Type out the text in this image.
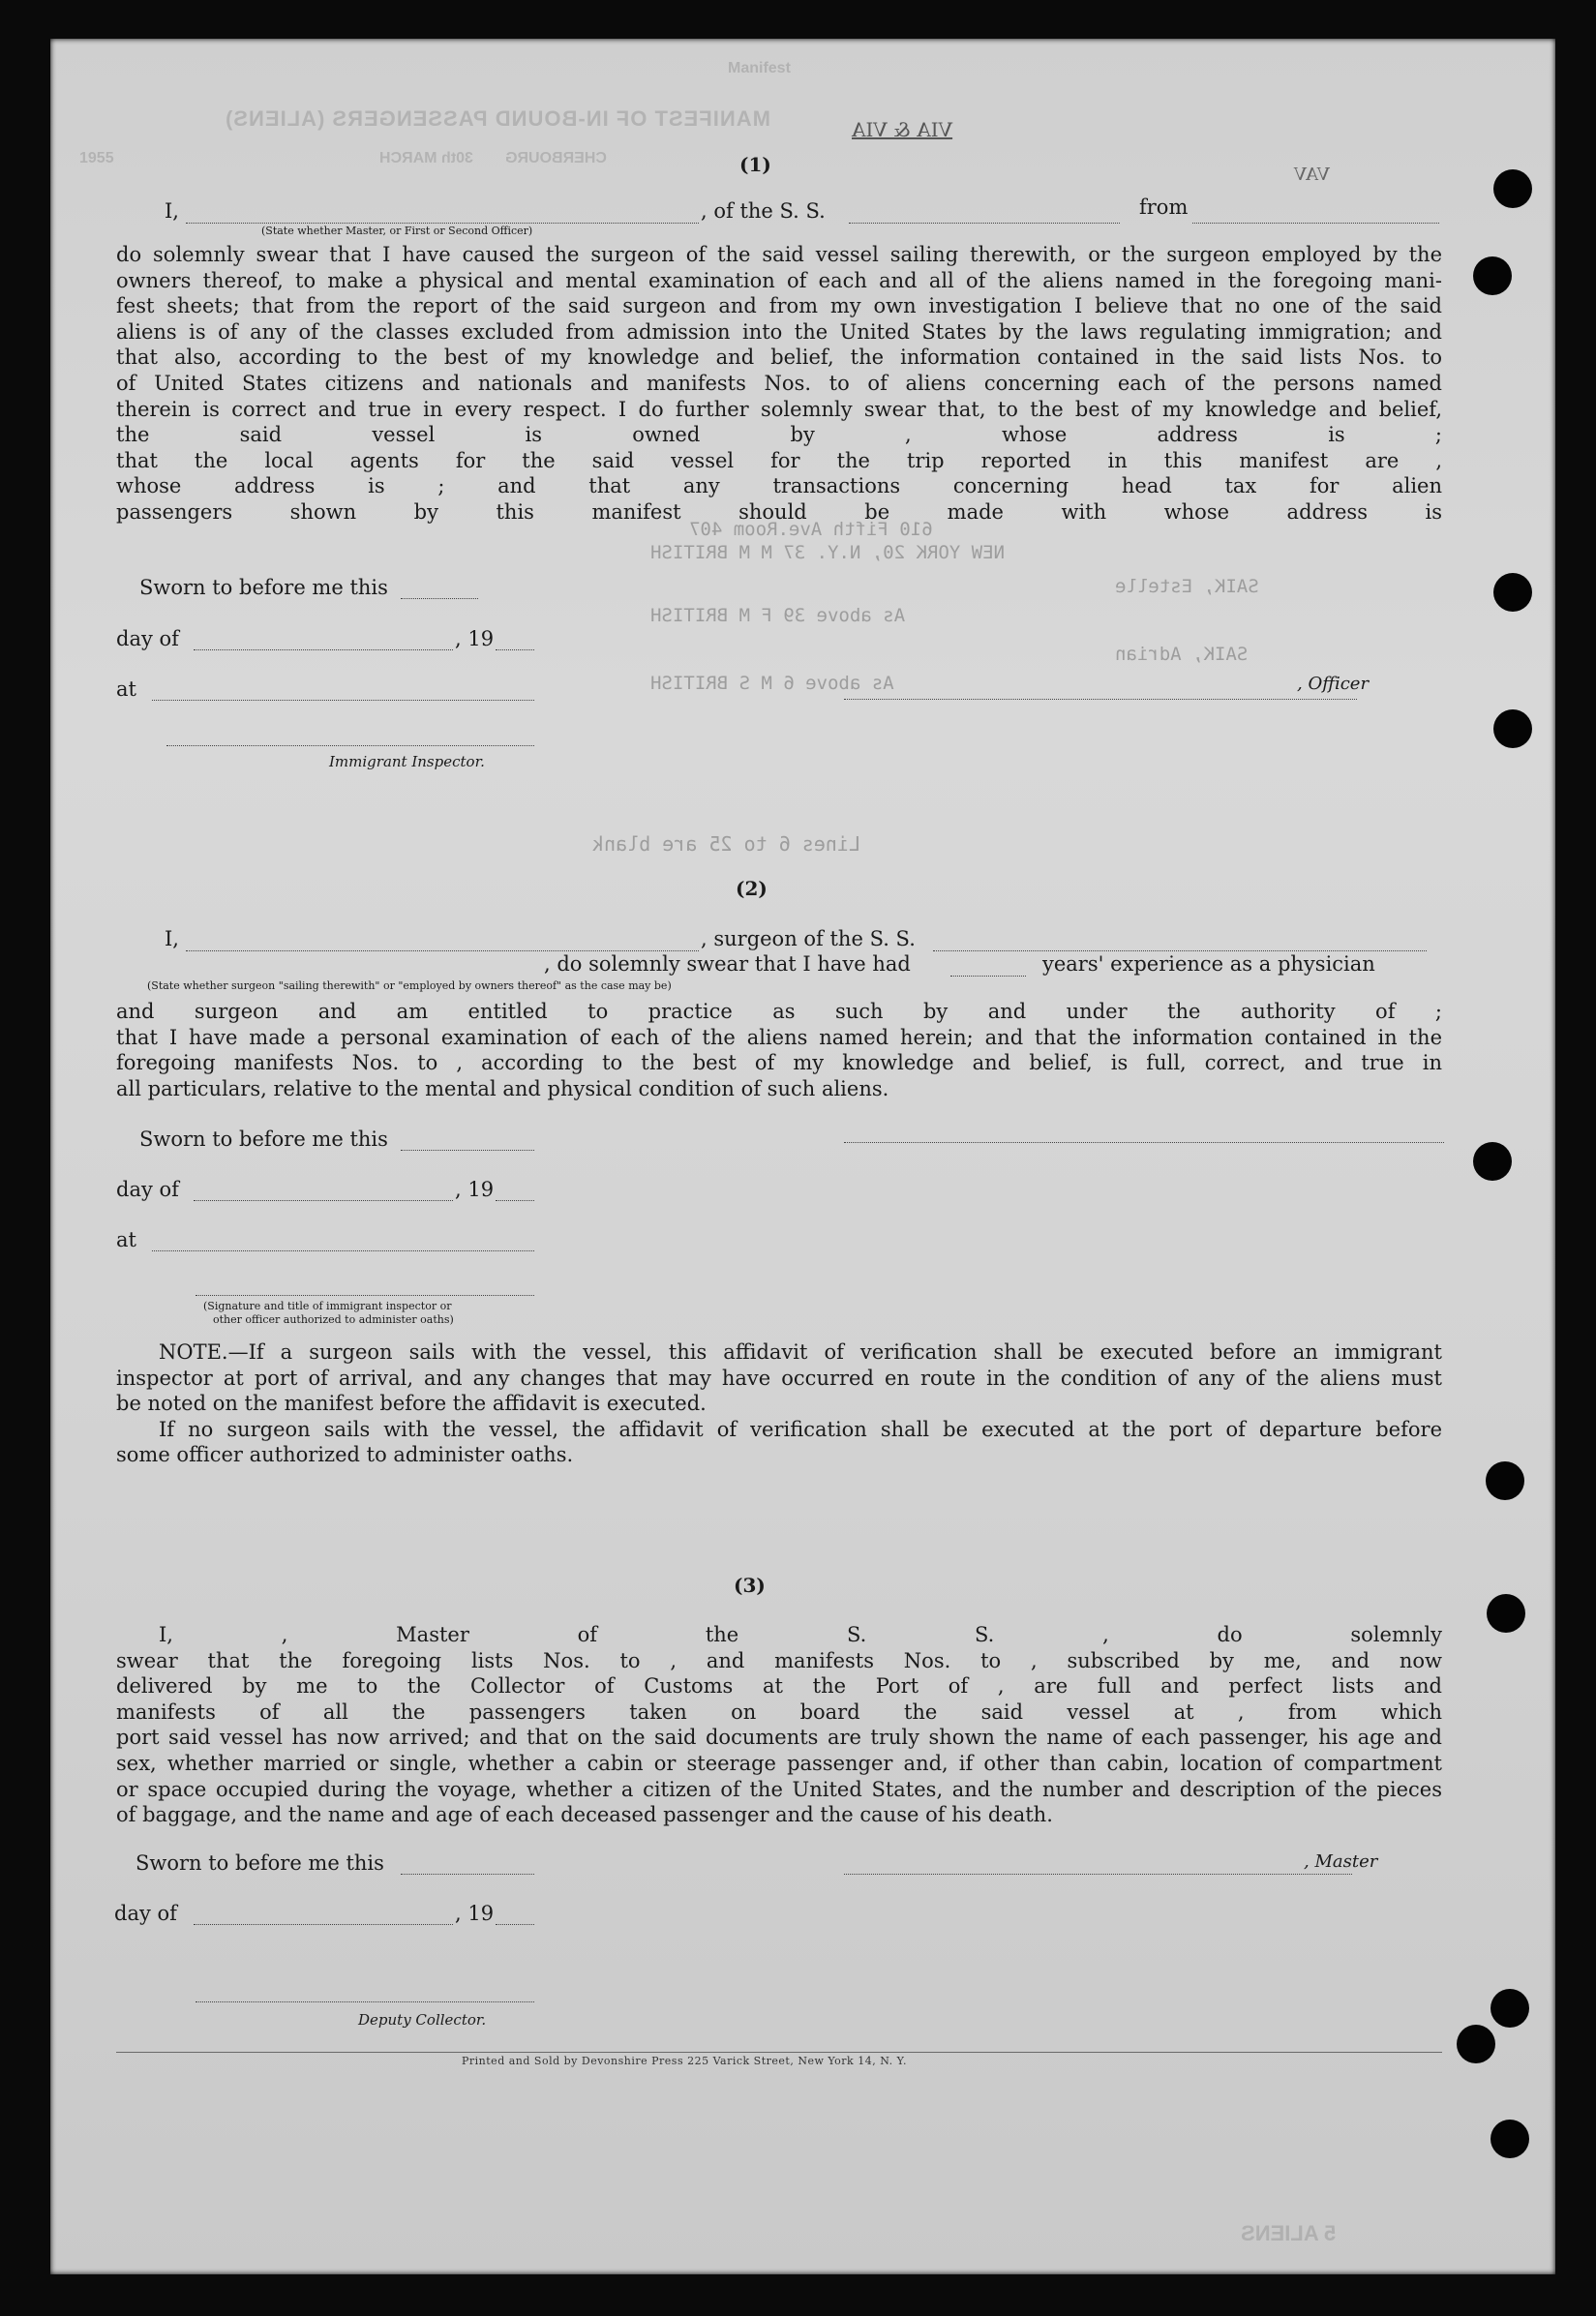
Manifest
MANIFEST OF IN-BOUND PASSENGERS (ALIENS)
CHERBOURG
30th MARCH
1955
VIA & VIA
VAV
(1)
I,	, of the S. S.	from
(State whether Master, or First or Second Officer)
do solemnly swear that I have caused the surgeon of the said vessel sailing therewith, or the surgeon employed by the
owners thereof, to make a physical and mental examination of each and all of the aliens named in the foregoing mani-
fest sheets; that from the report of the said surgeon and from my own investigation I believe that no one of the said
aliens is of any of the classes excluded from admission into the United States by the laws regulating immigration; and
that also, according to the best of my knowledge and belief, the information contained in the said lists Nos. to
of United States citizens and nationals and manifests Nos. to of aliens concerning each of the persons named
therein is correct and true in every respect. I do further solemnly swear that, to the best of my knowledge and belief,
the said vessel is owned by , whose address is ;
that the local agents for the said vessel for the trip reported in this manifest are ,
whose address is ; and that any transactions concerning head tax for alien
passengers shown by this manifest should be made with whose address is
610 Fifth Ave.Room 407
NEW YORK 20, N.Y. 37 M M BRITISH
SAIK, Estelle
As above 39 F M BRITISH
SAIK, Adrian
As above 6 M S BRITISH
Lines 6 to 25 are blank
Sworn to before me this
day of	, 19
at	, Officer
Immigrant Inspector.
(2)
I,	, surgeon of the S. S.
(State whether surgeon "sailing therewith" or "employed by owners thereof" as the case may be)
, do solemnly swear that I have had	years' experience as a physician
and surgeon and am entitled to practice as such by and under the authority of ;
that I have made a personal examination of each of the aliens named herein; and that the information contained in the
foregoing manifests Nos. to , according to the best of my knowledge and belief, is full, correct, and true in
all particulars, relative to the mental and physical condition of such aliens.
Sworn to before me this
day of	, 19
at
(Signature and title of immigrant inspector or
other officer authorized to administer oaths)
NOTE.—If a surgeon sails with the vessel, this affidavit of verification shall be executed before an immigrant
inspector at port of arrival, and any changes that may have occurred en route in the condition of any of the aliens must
be noted on the manifest before the affidavit is executed.
If no surgeon sails with the vessel, the affidavit of verification shall be executed at the port of departure before
some officer authorized to administer oaths.
(3)
I, , Master of the S. S. , do solemnly
swear that the foregoing lists Nos. to , and manifests Nos. to , subscribed by me, and now
delivered by me to the Collector of Customs at the Port of , are full and perfect lists and
manifests of all the passengers taken on board the said vessel at , from which
port said vessel has now arrived; and that on the said documents are truly shown the name of each passenger, his age and
sex, whether married or single, whether a cabin or steerage passenger and, if other than cabin, location of compartment
or space occupied during the voyage, whether a citizen of the United States, and the number and description of the pieces
of baggage, and the name and age of each deceased passenger and the cause of his death.
Sworn to before me this	, Master
day of	, 19
Deputy Collector.
Printed and Sold by Devonshire Press 225 Varick Street, New York 14, N. Y.
5 ALIENS
